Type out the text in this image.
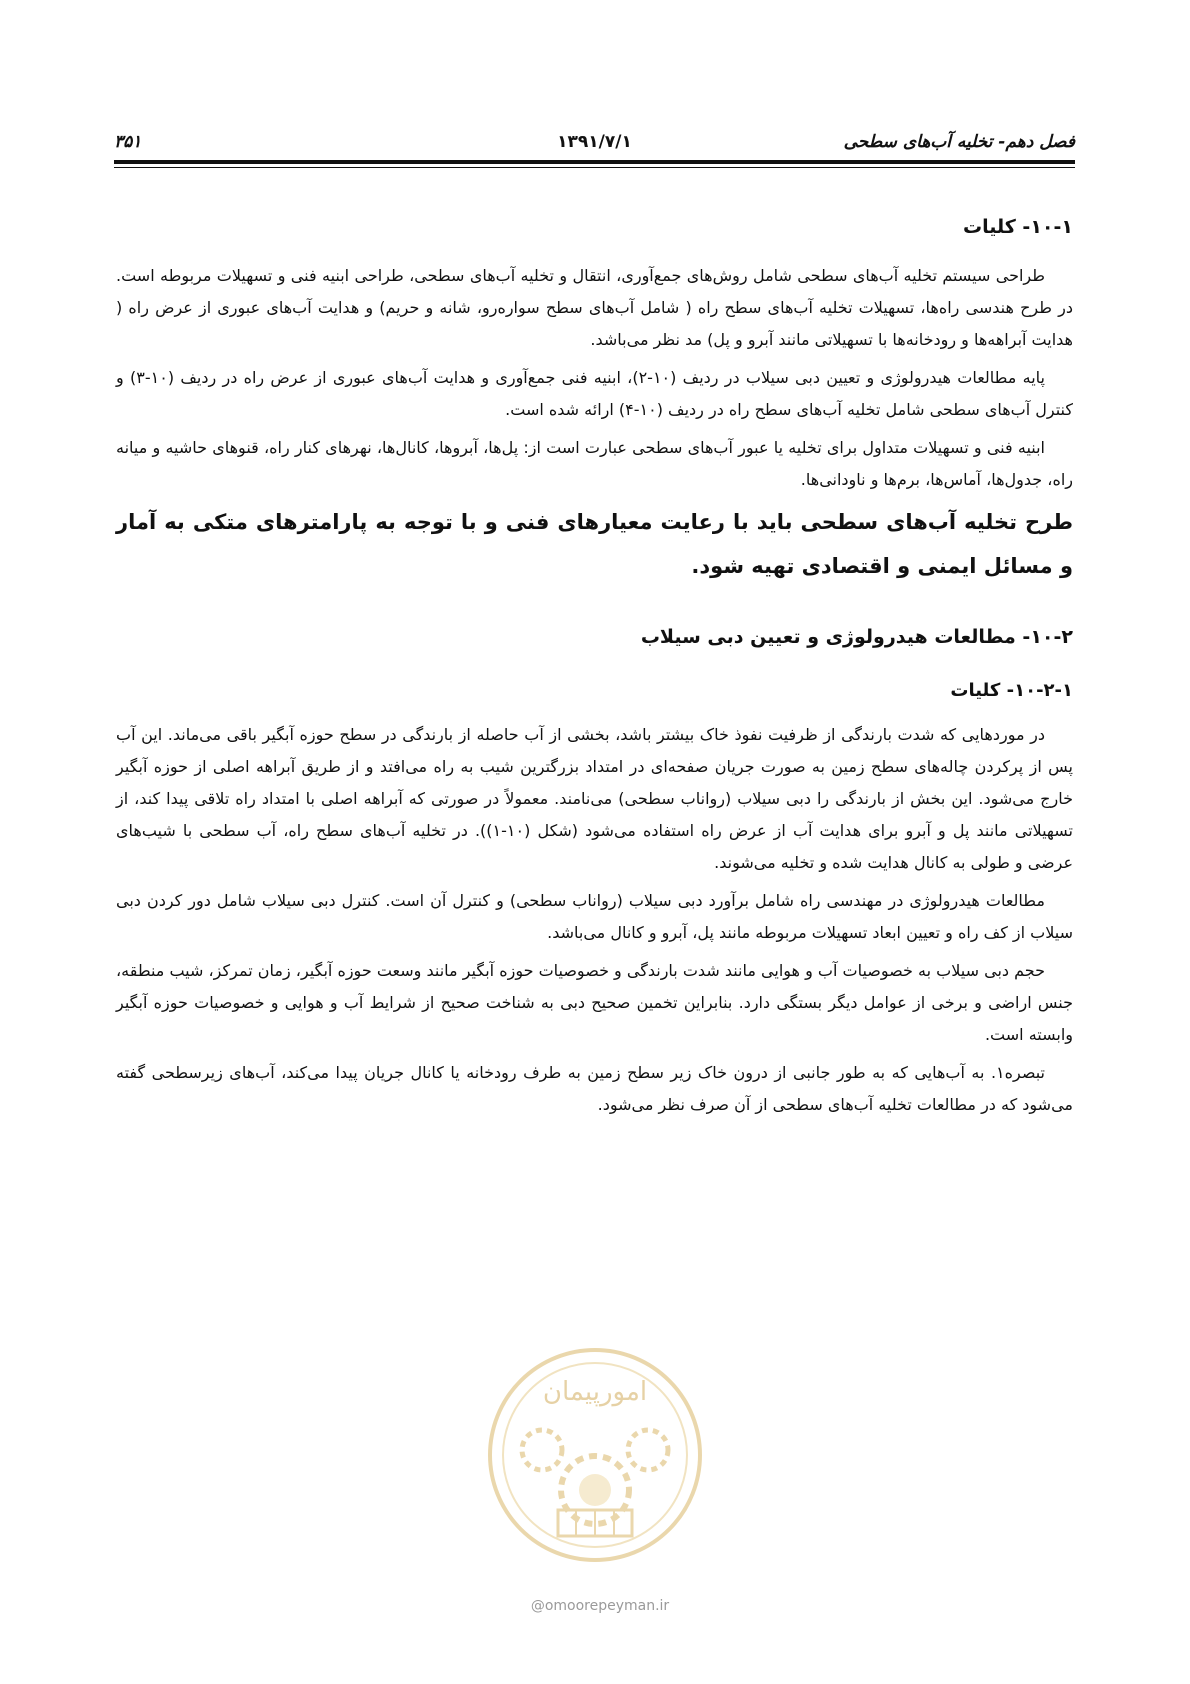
فصل دهم- تخلیه آب‌های سطحی
۱۳۹۱/۷/۱
۳۵۱
۱۰-۱- کلیات

طراحی سیستم تخلیه آب‌های سطحی شامل روش‌های جمع‌آوری، انتقال و تخلیه آب‌های سطحی، طراحی ابنیه فنی و تسهیلات مربوطه است. در طرح هندسی راه‌ها، تسهیلات تخلیه آب‌های سطح راه ( شامل آب‌های سطح سواره‌رو، شانه و حریم) و هدایت آب‌های عبوری از عرض راه ( هدایت آبراهه‌ها و رودخانه‌ها با تسهیلاتی مانند آبرو و پل) مد نظر می‌باشد.

پایه مطالعات هیدرولوژی و تعیین دبی سیلاب در ردیف (۱۰-۲)، ابنیه فنی جمع‌آوری و هدایت آب‌های عبوری از عرض راه در ردیف (۱۰-۳) و کنترل آب‌های سطحی شامل تخلیه آب‌های سطح راه در ردیف (۱۰-۴) ارائه شده است.

ابنیه فنی و تسهیلات متداول برای تخلیه یا عبور آب‌های سطحی عبارت است از: پل‌ها، آبروها، کانال‌ها، نهرهای کنار راه، قنوهای حاشیه و میانه راه، جدول‌ها، آماس‌ها، برم‌ها و ناودانی‌ها.

طرح تخلیه آب‌های سطحی باید با رعایت معیارهای فنی و با توجه به پارامترهای متکی به آمار و مسائل ایمنی و اقتصادی تهیه شود.

۱۰-۲- مطالعات هیدرولوژی و تعیین دبی سیلاب
۱۰-۲-۱- کلیات

در موردهایی که شدت بارندگی از ظرفیت نفوذ خاک بیشتر باشد، بخشی از آب حاصله از بارندگی در سطح حوزه آبگیر باقی می‌ماند. این آب پس از پرکردن چاله‌های سطح زمین به صورت جریان صفحه‌ای در امتداد بزرگترین شیب به راه می‌افتد و از طریق آبراهه اصلی از حوزه آبگیر خارج می‌شود. این بخش از بارندگی را دبی سیلاب (رواناب سطحی) می‌نامند. معمولاً در صورتی که آبراهه اصلی با امتداد راه تلاقی پیدا کند، از تسهیلاتی مانند پل و آبرو برای هدایت آب از عرض راه استفاده می‌شود (شکل (۱۰-۱)). در تخلیه آب‌های سطح راه، آب سطحی با شیب‌های عرضی و طولی به کانال هدایت شده و تخلیه می‌شوند.

مطالعات هیدرولوژی در مهندسی راه شامل برآورد دبی سیلاب (رواناب سطحی) و کنترل آن است. کنترل دبی سیلاب شامل دور کردن دبی سیلاب از کف راه و تعیین ابعاد تسهیلات مربوطه مانند پل، آبرو و کانال می‌باشد.

حجم دبی سیلاب به خصوصیات آب و هوایی مانند شدت بارندگی و خصوصیات حوزه آبگیر مانند وسعت حوزه آبگیر، زمان تمرکز، شیب منطقه، جنس اراضی و برخی از عوامل دیگر بستگی دارد. بنابراین تخمین صحیح دبی به شناخت صحیح از شرایط آب و هوایی و خصوصیات حوزه آبگیر وابسته است.

تبصره۱. به آب‌هایی که به طور جانبی از درون خاک زیر سطح زمین به طرف رودخانه یا کانال جریان پیدا می‌کند، آب‌های زیرسطحی گفته می‌شود که در مطالعات تخلیه آب‌های سطحی از آن صرف نظر می‌شود.

امورپیمان
@omoorepeyman.ir
